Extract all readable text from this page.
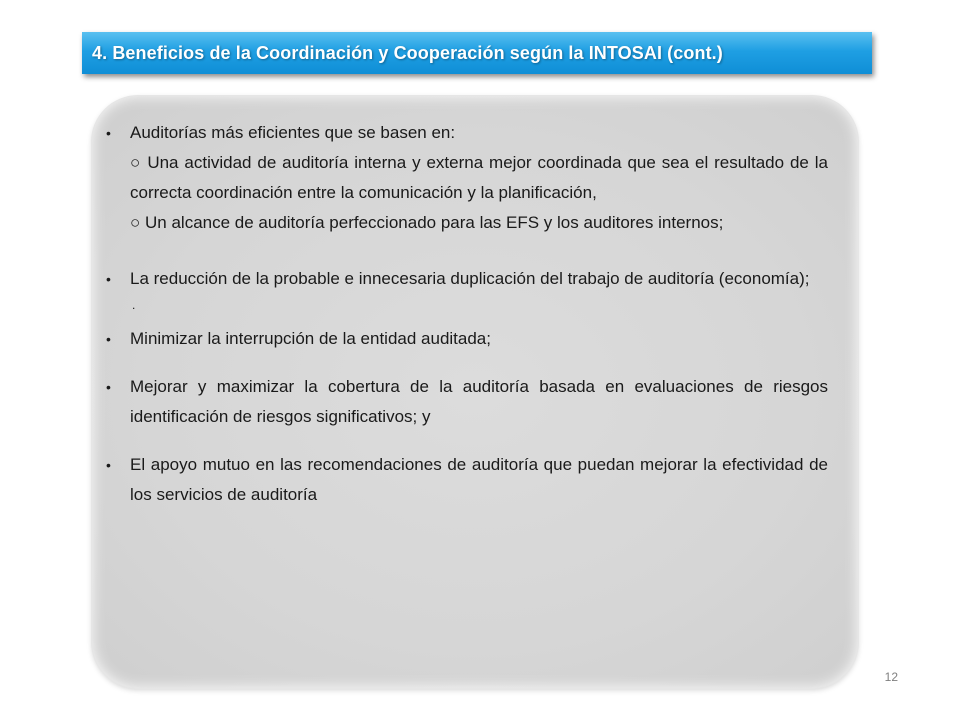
4. Beneficios de la Coordinación y Cooperación según la INTOSAI (cont.)
• Auditorías más eficientes que se basen en:
○ Una actividad de auditoría interna y externa mejor coordinada que sea el resultado de la correcta coordinación entre la comunicación y la planificación,
○ Un alcance de auditoría perfeccionado para las EFS y los auditores internos;
• La reducción de la probable e innecesaria duplicación del trabajo de auditoría (economía);
.
• Minimizar la interrupción de la entidad auditada;
• Mejorar y maximizar la cobertura de la auditoría basada en evaluaciones de riesgos identificación de riesgos significativos; y
• El apoyo mutuo en las recomendaciones de auditoría que puedan mejorar la efectividad de los servicios de auditoría
12
